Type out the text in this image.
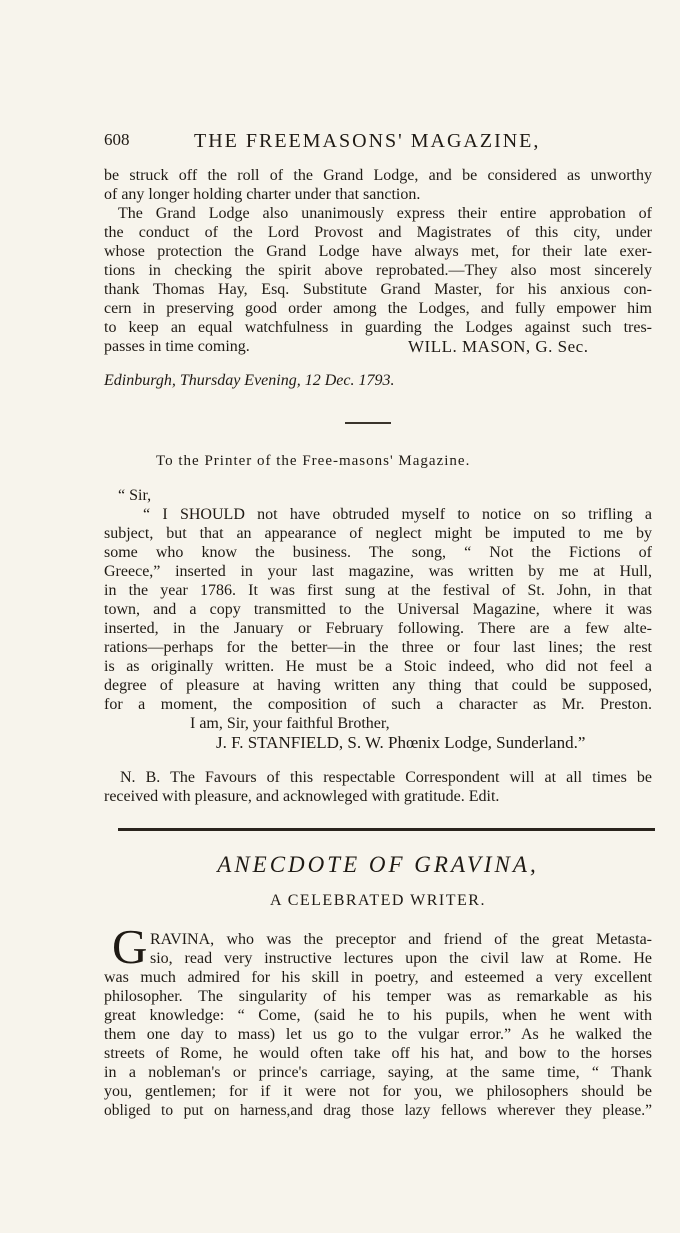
608	THE FREEMASONS' MAGAZINE,
be struck off the roll of the Grand Lodge, and be considered as unworthy
of any longer holding charter under that sanction.
The Grand Lodge also unanimously express their entire approbation of
the conduct of the Lord Provost and Magistrates of this city, under
whose protection the Grand Lodge have always met, for their late exer-
tions in checking the spirit above reprobated.—They also most sincerely
thank Thomas Hay, Esq. Substitute Grand Master, for his anxious con-
cern in preserving good order among the Lodges, and fully empower him
to keep an equal watchfulness in guarding the Lodges against such tres-
passes in time coming.	WILL. MASON, G. Sec.
Edinburgh, Thursday Evening, 12 Dec. 1793.
To the Printer of the Free-masons' Magazine.
“ Sir,
“ I SHOULD not have obtruded myself to notice on so trifling a
subject, but that an appearance of neglect might be imputed to me by
some who know the business. The song, “ Not the Fictions of
Greece,” inserted in your last magazine, was written by me at Hull,
in the year 1786. It was first sung at the festival of St. John, in that
town, and a copy transmitted to the Universal Magazine, where it was
inserted, in the January or February following. There are a few alte-
rations—perhaps for the better—in the three or four last lines; the rest
is as originally written. He must be a Stoic indeed, who did not feel a
degree of pleasure at having written any thing that could be supposed,
for a moment, the composition of such a character as Mr. Preston.
I am, Sir, your faithful Brother,
J. F. STANFIELD, S. W. Phœnix Lodge, Sunderland.”
N. B. The Favours of this respectable Correspondent will at all times be
received with pleasure, and acknowleged with gratitude. Edit.
ANECDOTE OF GRAVINA,
A CELEBRATED WRITER.
G RAVINA, who was the preceptor and friend of the great Metasta-
sio, read very instructive lectures upon the civil law at Rome. He
was much admired for his skill in poetry, and esteemed a very excellent
philosopher. The singularity of his temper was as remarkable as his
great knowledge: “ Come, (said he to his pupils, when he went with
them one day to mass) let us go to the vulgar error.” As he walked the
streets of Rome, he would often take off his hat, and bow to the horses
in a nobleman's or prince's carriage, saying, at the same time, “ Thank
you, gentlemen; for if it were not for you, we philosophers should be
obliged to put on harness,and drag those lazy fellows wherever they please.”
